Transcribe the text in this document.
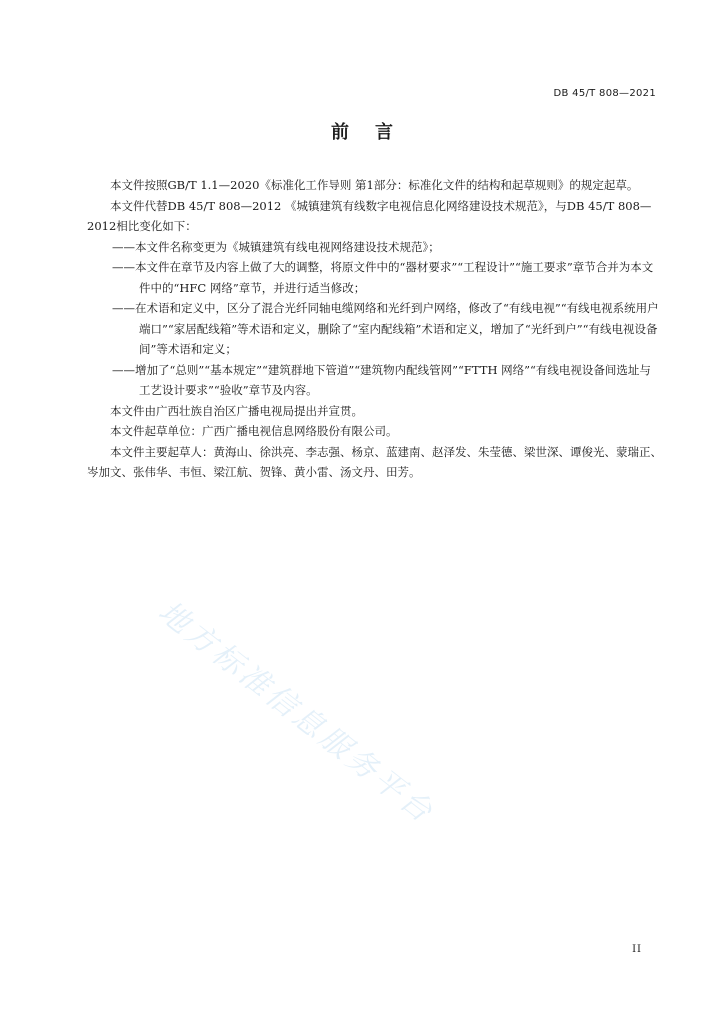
DB 45/T 808—2021
前言

本文件按照GB/T 1.1—2020《标准化工作导则 第1部分：标准化文件的结构和起草规则》的规定起草。

本文件代替DB 45/T 808—2012 《城镇建筑有线数字电视信息化网络建设技术规范》，与DB 45/T 808—2012相比变化如下：

——本文件名称变更为《城镇建筑有线电视网络建设技术规范》；

——本文件在章节及内容上做了大的调整，将原文件中的“器材要求”“工程设计”“施工要求”章节合并为本文件中的“HFC 网络”章节，并进行适当修改；

——在术语和定义中，区分了混合光纤同轴电缆网络和光纤到户网络，修改了“有线电视”“有线电视系统用户端口”“家居配线箱”等术语和定义，删除了“室内配线箱”术语和定义，增加了“光纤到户”“有线电视设备间”等术语和定义；

——增加了“总则”“基本规定”“建筑群地下管道”“建筑物内配线管网”“FTTH 网络”“有线电视设备间选址与工艺设计要求”“验收”章节及内容。

本文件由广西壮族自治区广播电视局提出并宣贯。

本文件起草单位：广西广播电视信息网络股份有限公司。

本文件主要起草人：黄海山、徐洪亮、李志强、杨京、蓝建南、赵泽发、朱莹德、梁世深、谭俊光、蒙瑞正、岑加文、张伟华、韦恒、梁江航、贺锋、黄小雷、汤文丹、田芳。

地方标准信息服务平台
II
